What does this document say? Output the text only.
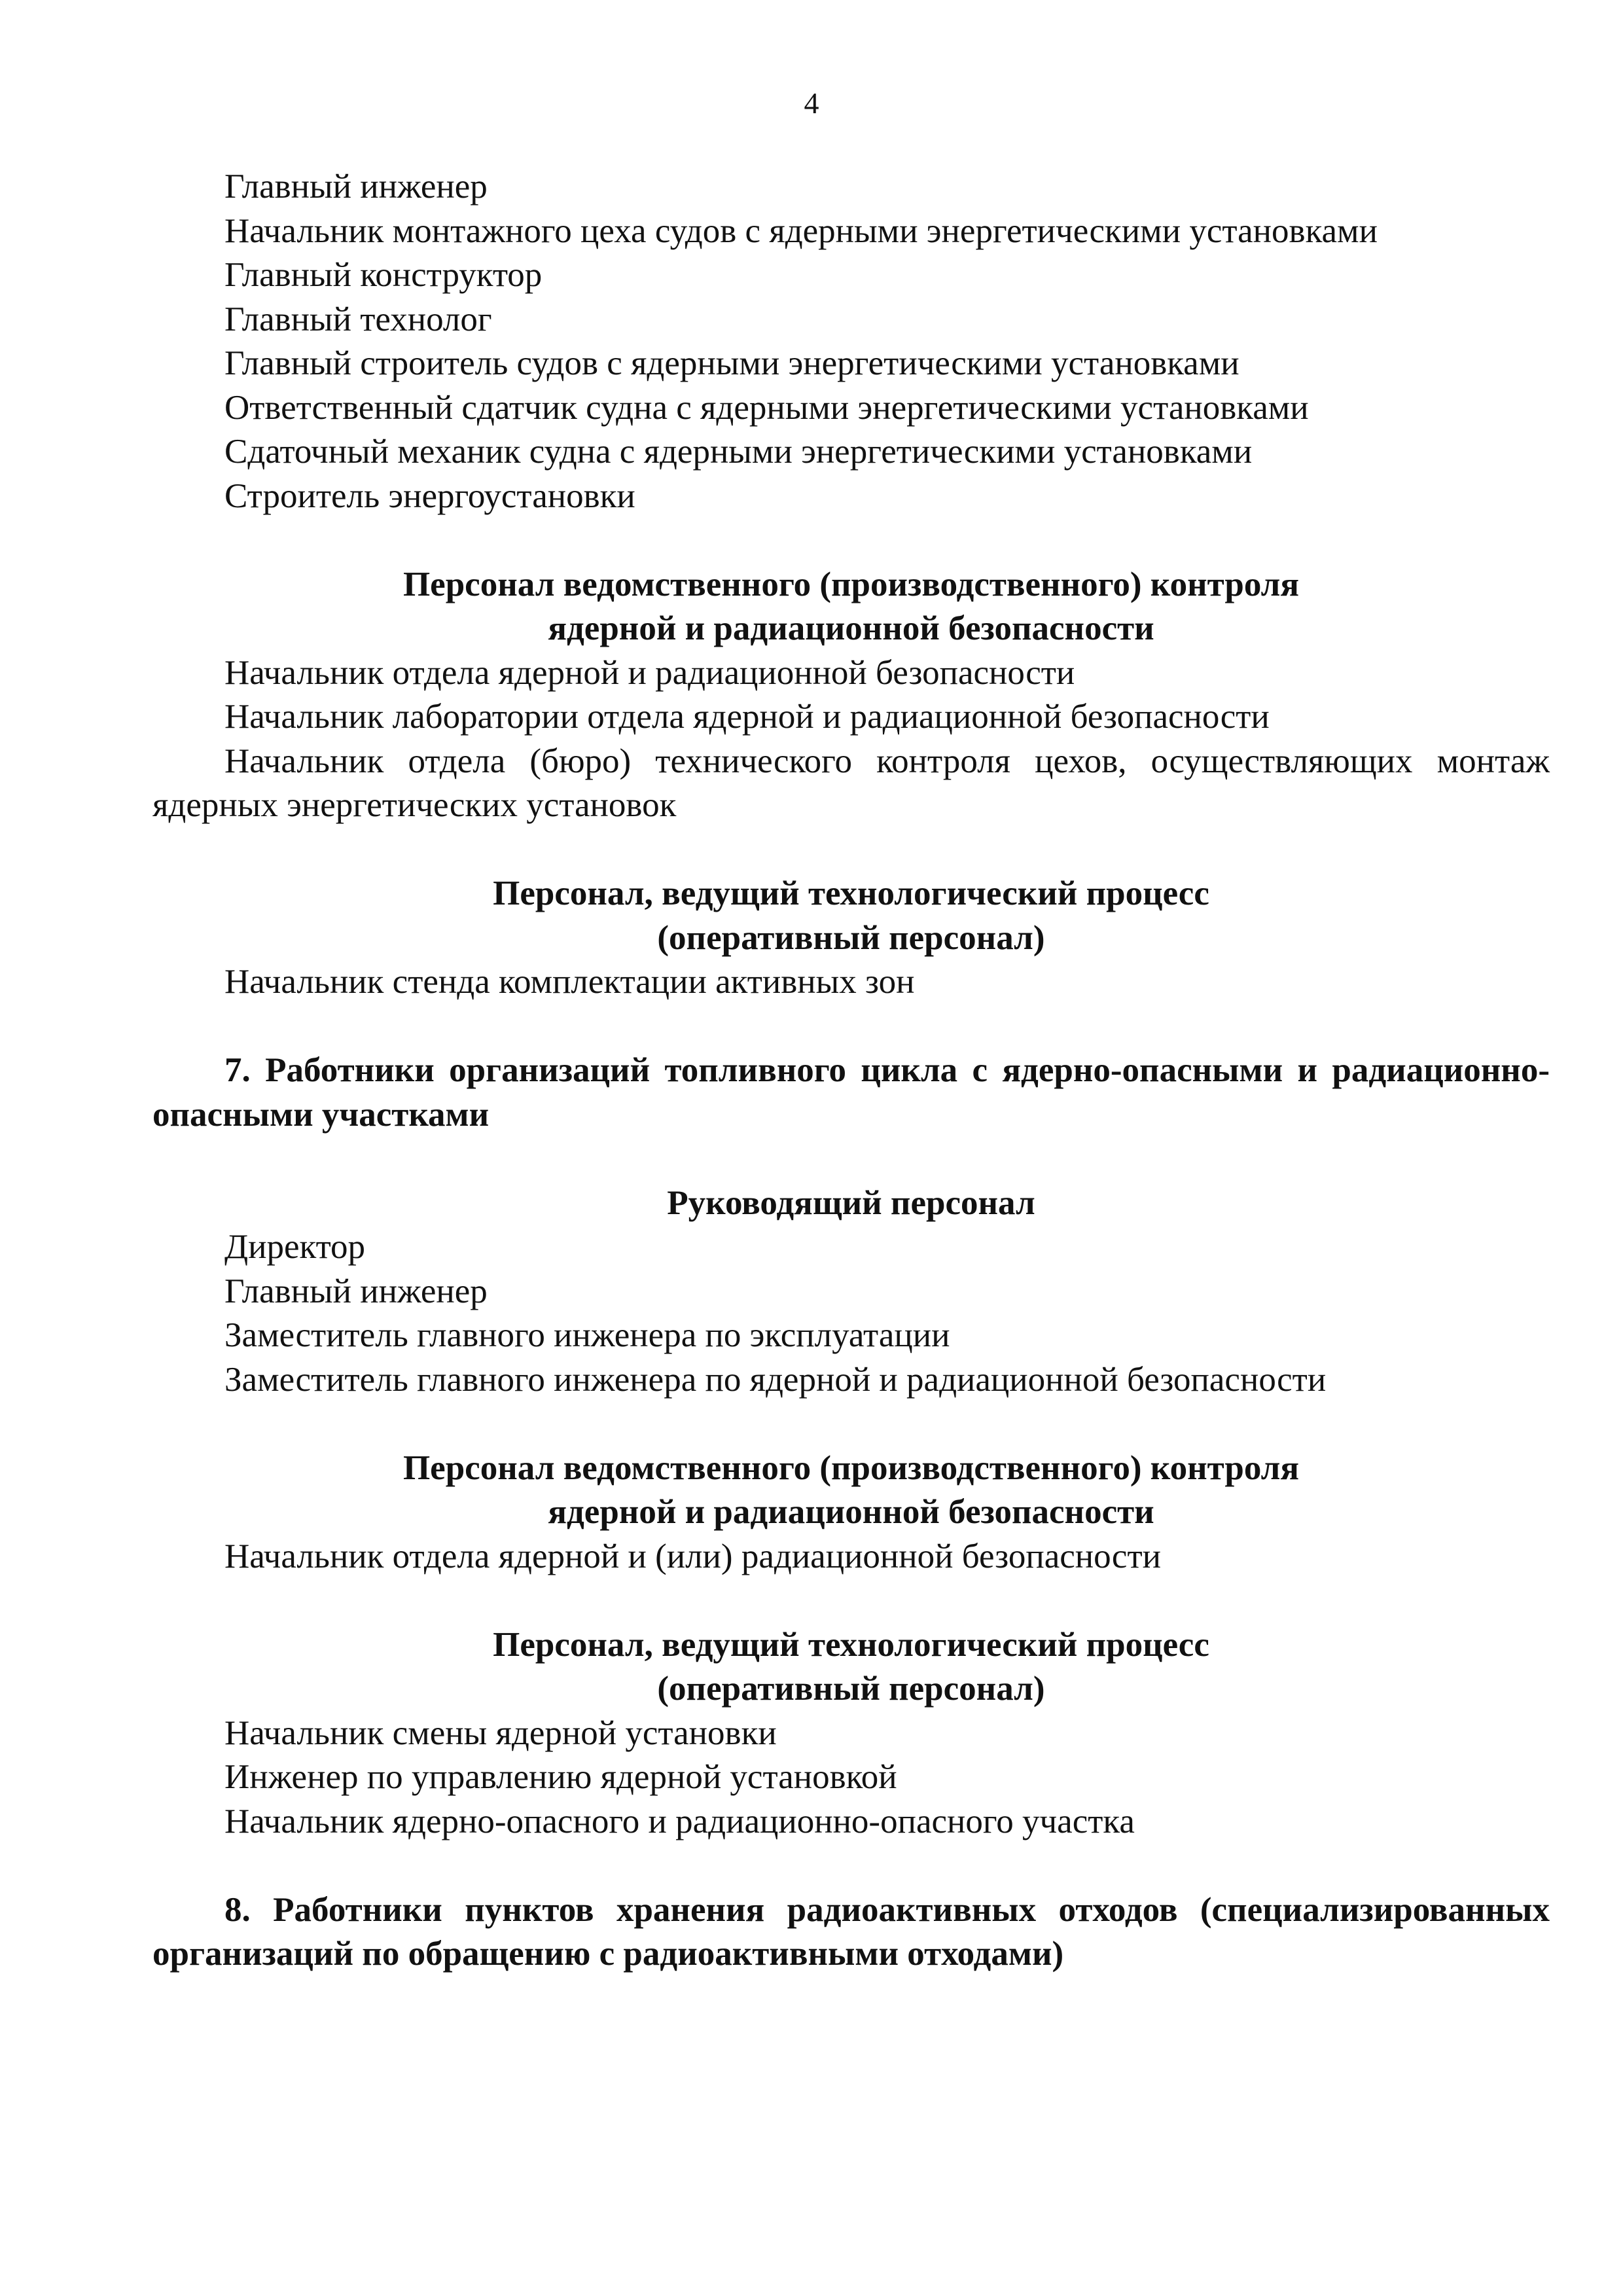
4

Главный инженер

Начальник монтажного цеха судов с ядерными энергетическими установками

Главный конструктор

Главный технолог

Главный строитель судов с ядерными энергетическими установками

Ответственный сдатчик судна с ядерными энергетическими установками

Сдаточный механик судна с ядерными энергетическими установками

Строитель энергоустановки

Персонал ведомственного (производственного) контроля

ядерной и радиационной безопасности

Начальник отдела ядерной и радиационной безопасности

Начальник лаборатории отдела ядерной и радиационной безопасности

Начальник отдела (бюро) технического контроля цехов, осуществляющих монтаж ядерных энергетических установок

Персонал, ведущий технологический процесс

(оперативный персонал)

Начальник стенда комплектации активных зон

7. Работники организаций топливного цикла с ядерно-опасными и радиационно-опасными участками

Руководящий персонал

Директор

Главный инженер

Заместитель главного инженера по эксплуатации

Заместитель главного инженера по ядерной и радиационной безопасности

Персонал ведомственного (производственного) контроля

ядерной и радиационной безопасности

Начальник отдела ядерной и (или) радиационной безопасности

Персонал, ведущий технологический процесс

(оперативный персонал)

Начальник смены ядерной установки

Инженер по управлению ядерной установкой

Начальник ядерно-опасного и радиационно-опасного участка

8. Работники пунктов хранения радиоактивных отходов (специализированных организаций по обращению с радиоактивными отходами)
